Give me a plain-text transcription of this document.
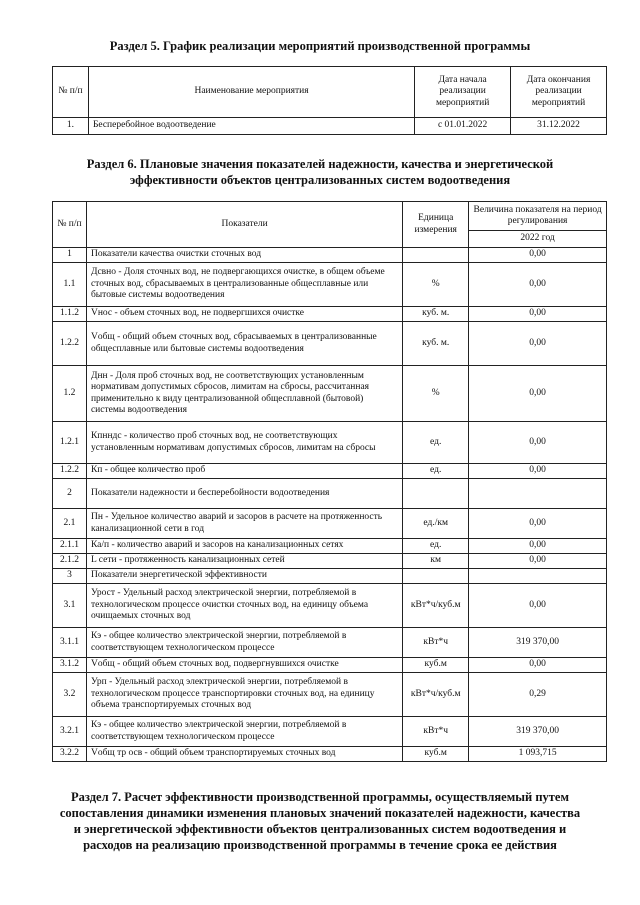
Раздел 5. График реализации мероприятий производственной программы
№ п/п	Наименование мероприятия	Дата начала реализации мероприятий	Дата окончания реализации мероприятий
1.	Бесперебойное водоотведение	с 01.01.2022	31.12.2022
Раздел 6. Плановые значения показателей надежности, качества и энергетической
эффективности объектов централизованных систем водоотведения
№ п/п	Показатели	Единица измерения	Величина показателя на период регулирования
			2022 год
1	Показатели качества очистки сточных вод		0,00
1.1	Дсвно - Доля сточных вод, не подвергающихся очистке, в общем объеме сточных вод, сбрасываемых в централизованные общесплавные или бытовые системы водоотведения	%	0,00
1.1.2	Vнос - объем сточных вод, не подвергшихся очистке	куб. м.	0,00
1.2.2	Vобщ - общий объем сточных вод, сбрасываемых в централизованные общесплавные или бытовые системы водоотведения	куб. м.	0,00
1.2	Днн - Доля проб сточных вод, не соответствующих установленным нормативам допустимых сбросов, лимитам на сбросы, рассчитанная применительно к виду централизованной общесплавной (бытовой) системы водоотведения	%	0,00
1.2.1	Кпнндс - количество проб сточных вод, не соответствующих установленным нормативам допустимых сбросов, лимитам на сбросы	ед.	0,00
1.2.2	Кп - общее количество проб	ед.	0,00
2	Показатели надежности и бесперебойности водоотведения		
2.1	Пн - Удельное количество аварий и засоров в расчете на протяженность канализационной сети в год	ед./км	0,00
2.1.1	Ка/п - количество аварий и засоров на канализационных сетях	ед.	0,00
2.1.2	L сети - протяженность канализационных сетей	км	0,00
3	Показатели энергетической эффективности		
3.1	Урост - Удельный расход электрической энергии, потребляемой в технологическом процессе очистки сточных вод, на единицу объема очищаемых сточных вод	кВт*ч/куб.м	0,00
3.1.1	Кэ - общее количество электрической энергии, потребляемой в соответствующем технологическом процессе	кВт*ч	319 370,00
3.1.2	Vобщ - общий объем сточных вод, подвергнувшихся очистке	куб.м	0,00
3.2	Урп - Удельный расход электрической энергии, потребляемой в технологическом процессе транспортировки сточных вод, на единицу объема транспортируемых сточных вод	кВт*ч/куб.м	0,29
3.2.1	Кэ - общее количество электрической энергии, потребляемой в соответствующем технологическом процессе	кВт*ч	319 370,00
3.2.2	Vобщ тр осв - общий объем транспортируемых сточных вод	куб.м	1 093,715
Раздел 7. Расчет эффективности производственной программы, осуществляемый путем
сопоставления динамики изменения плановых значений показателей надежности, качества
и энергетической эффективности объектов централизованных систем водоотведения и
расходов на реализацию производственной программы в течение срока ее действия
